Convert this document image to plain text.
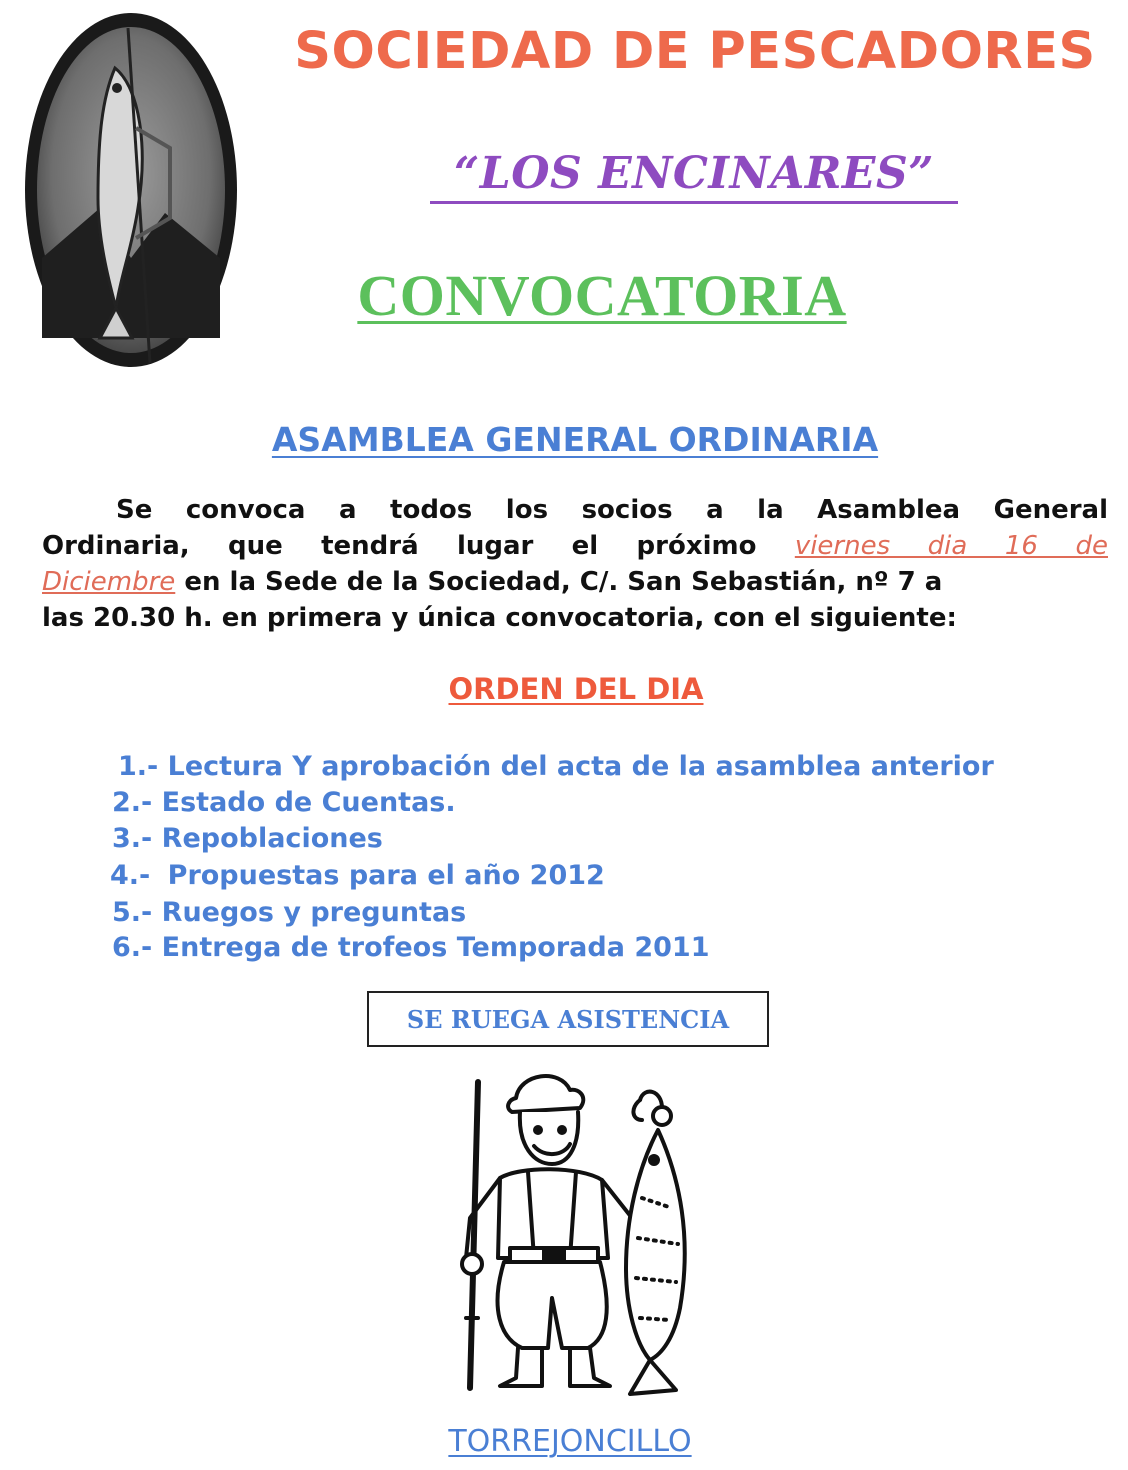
SOCIEDAD DE PESCADORES
“LOS ENCINARES”
CONVOCATORIA
ASAMBLEA GENERAL ORDINARIA
Se convoca a todos los socios a la Asamblea General
Ordinaria, que tendrá lugar el próximo viernes dia 16 de
Diciembre en la Sede de la Sociedad, C/. San Sebastián, nº 7 a
las 20.30 h. en primera y única convocatoria, con el siguiente:
ORDEN DEL DIA
1.- Lectura Y aprobación del acta de la asamblea anterior
2.- Estado de Cuentas.
3.- Repoblaciones
4.- Propuestas para el año 2012
5.- Ruegos y preguntas
6.- Entrega de trofeos Temporada 2011
SE RUEGA ASISTENCIA
TORREJONCILLO
